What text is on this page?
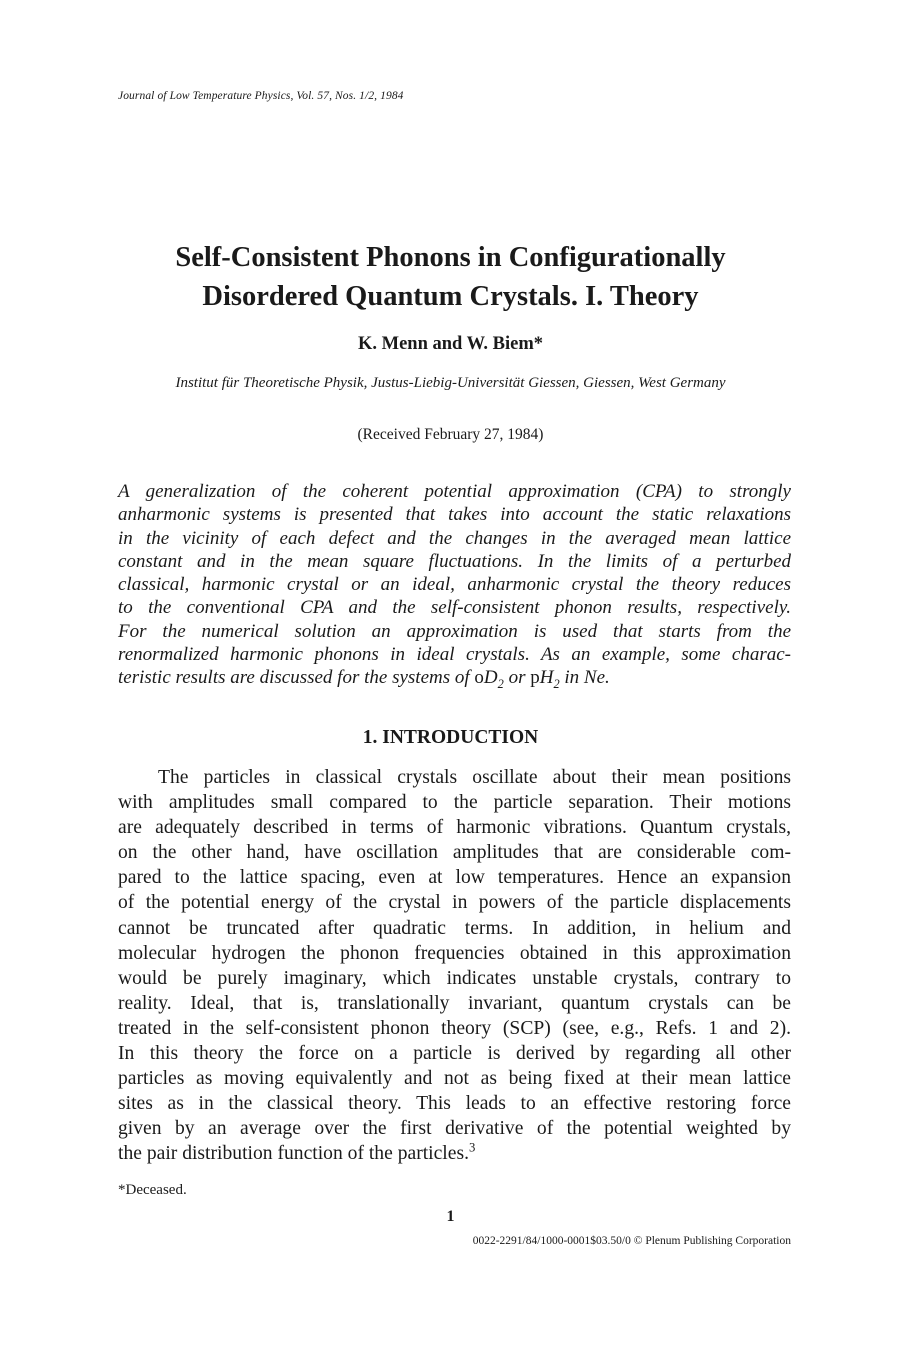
Journal of Low Temperature Physics, Vol. 57, Nos. 1/2, 1984
Self-Consistent Phonons in Configurationally
Disordered Quantum Crystals. I. Theory
K. Menn and W. Biem*
Institut für Theoretische Physik, Justus-Liebig-Universität Giessen, Giessen, West Germany
(Received February 27, 1984)
A generalization of the coherent potential approximation (CPA) to strongly
anharmonic systems is presented that takes into account the static relaxations
in the vicinity of each defect and the changes in the averaged mean lattice
constant and in the mean square fluctuations. In the limits of a perturbed
classical, harmonic crystal or an ideal, anharmonic crystal the theory reduces
to the conventional CPA and the self-consistent phonon results, respectively.
For the numerical solution an approximation is used that starts from the
renormalized harmonic phonons in ideal crystals. As an example, some charac-
teristic results are discussed for the systems of $oD_2$ or $pH_2$ in Ne.
1. INTRODUCTION
The particles in classical crystals oscillate about their mean positions
with amplitudes small compared to the particle separation. Their motions
are adequately described in terms of harmonic vibrations. Quantum crystals,
on the other hand, have oscillation amplitudes that are considerable com-
pared to the lattice spacing, even at low temperatures. Hence an expansion
of the potential energy of the crystal in powers of the particle displacements
cannot be truncated after quadratic terms. In addition, in helium and
molecular hydrogen the phonon frequencies obtained in this approximation
would be purely imaginary, which indicates unstable crystals, contrary to
reality. Ideal, that is, translationally invariant, quantum crystals can be
treated in the self-consistent phonon theory (SCP) (see, e.g., Refs. 1 and 2).
In this theory the force on a particle is derived by regarding all other
particles as moving equivalently and not as being fixed at their mean lattice
sites as in the classical theory. This leads to an effective restoring force
given by an average over the first derivative of the potential weighted by
the pair distribution function of the particles.$^3$
*Deceased.
1
0022-2291/84/1000-0001$03.50/0 © Plenum Publishing Corporation
